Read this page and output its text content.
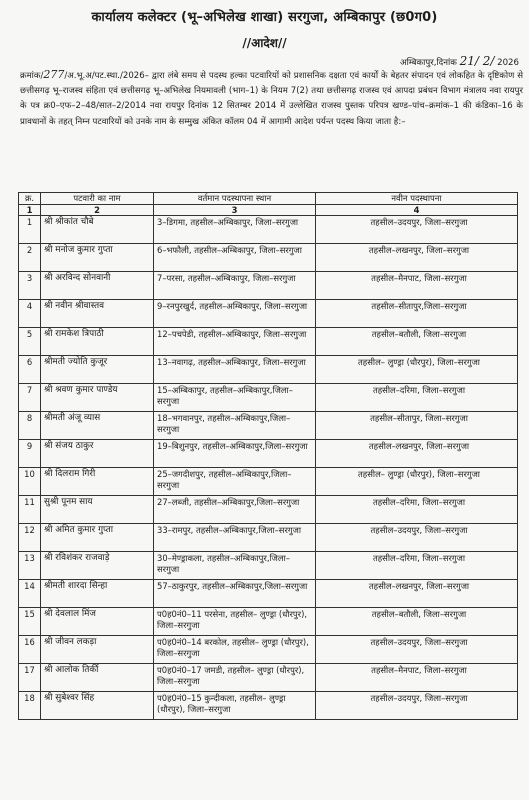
कार्यालय कलेक्टर (भू–अभिलेख शाखा) सरगुजा, अम्बिकापुर (छ0ग0)
//आदेश//
अम्बिकापुर,दिनांक 21/ 2/ 2026
क्रमांक/277/अ.भू.अ/पट.स्था./2026– द्वारा लंबे समय से पदस्थ हल्का पटवारियों को प्रशासनिक दक्षता एवं कार्यों के बेहतर संपादन एवं लोकहित के दृष्टिकोण से छत्तीसगढ़ भू–राजस्व संहिता एवं छत्तीसगढ़ भू–अभिलेख नियमावली (भाग–1) के नियम 7(2) तथा छत्तीसगढ़ राजस्व एवं आपदा प्रबंधन विभाग मंत्रालय नवा रायपुर के पत्र क्र0–एफ–2–48/सात–2/2014 नवा रायपुर दिनांक 12 सितम्बर 2014 में उल्लेखित राजस्व पुस्तक परिपत्र खण्ड–पांच–क्रमांक–1 की कंडिका–16 के प्रावधानों के तहत् निम्न पटवारियों को उनके नाम के सम्मुख अंकित कॉलम 04 में आगामी आदेश पर्यन्त पदस्थ किया जाता है:–
क्र.	पटवारी का नाम	वर्तमान पदस्थापना स्थान	नवीन पदस्थापना
1	2	3	4
1	श्री श्रीकांत चौबे	3–डिगमा, तहसील–अम्बिकापुर, जिला–सरगुजा	तहसील–उदयपुर, जिला–सरगुजा
2	श्री मनोज कुमार गुप्ता	6–भफौली, तहसील–अम्बिकापुर, जिला–सरगुजा	तहसील–लखनपुर, जिला–सरगुजा
3	श्री अरविन्द सोनवानी	7–परसा, तहसील–अम्बिकापुर, जिला–सरगुजा	तहसील–मैनपाट, जिला–सरगुजा
4	श्री नवीन श्रीवास्तव	9–रनपुरखुर्द, तहसील–अम्बिकापुर, जिला–सरगुजा	तहसील–सीतापुर,जिला–सरगुजा
5	श्री रामकेश त्रिपाठी	12–पचपेडी, तहसील–अम्बिकापुर, जिला–सरगुजा	तहसील–बतौली, जिला–सरगुजा
6	श्रीमती ज्योति कुजूर	13–नवागढ़, तहसील–अम्बिकापुर, जिला–सरगुजा	तहसील– लुण्ड्रा (धौरपुर), जिला–सरगुजा
7	श्री श्रवण कुमार पाण्डेय	15–अम्बिकापुर, तहसील–अम्बिकापुर,जिला–सरगुजा	तहसील–दरिमा, जिला–सरगुजा
8	श्रीमती अंजू व्यास	18–भगवानपुर, तहसील–अम्बिकापुर,जिला–सरगुजा	तहसील–सीतापुर, जिला–सरगुजा
9	श्री संजय ठाकुर	19–बिशुनपुर, तहसील–अम्बिकापुर,जिला–सरगुजा	तहसील–लखनपुर, जिला–सरगुजा
10	श्री दिलराम गिरी	25–जगदीशपुर, तहसील–अम्बिकापुर,जिला–सरगुजा	तहसील– लुण्ड्रा (धौरपुर), जिला–सरगुजा
11	सुश्री पूनम साय	27–लब्जी, तहसील–अम्बिकापुर,जिला–सरगुजा	तहसील–दरिमा, जिला–सरगुजा
12	श्री अमित कुमार गुप्ता	33–रामपुर, तहसील–अम्बिकापुर,जिला–सरगुजा	तहसील–उदयपुर, जिला–सरगुजा
13	श्री रविशंकर राजवाड़े	30–मेण्ड्राकला, तहसील–अम्बिकापुर,जिला–सरगुजा	तहसील–दरिमा, जिला–सरगुजा
14	श्रीमती शारदा सिन्हा	57–ठाकुरपुर, तहसील–अम्बिकापुर,जिला–सरगुजा	तहसील–लखनपुर, जिला–सरगुजा
15	श्री देवलाल मिंज	प0ह0नं0–11 परसेना, तहसील– लुण्ड्रा (धौरपुर), जिला–सरगुजा	तहसील–बतौली, जिला–सरगुजा
16	श्री जीवन लकड़ा	प0ह0नं0–14 बरकोल, तहसील– लुण्ड्रा (धौरपुर), जिला–सरगुजा	तहसील–उदयपुर, जिला–सरगुजा
17	श्री आलोक तिर्की	प0ह0नं0–17 जमडी, तहसील– लुण्ड्रा (धौरपुर), जिला–सरगुजा	तहसील–मैनपाट, जिला–सरगुजा
18	श्री सुबेश्वर सिंह	प0ह0नं0–15 कुन्दीकला, तहसील– लुण्ड्रा (धौरपुर), जिला–सरगुजा	तहसील–उदयपुर, जिला–सरगुजा
